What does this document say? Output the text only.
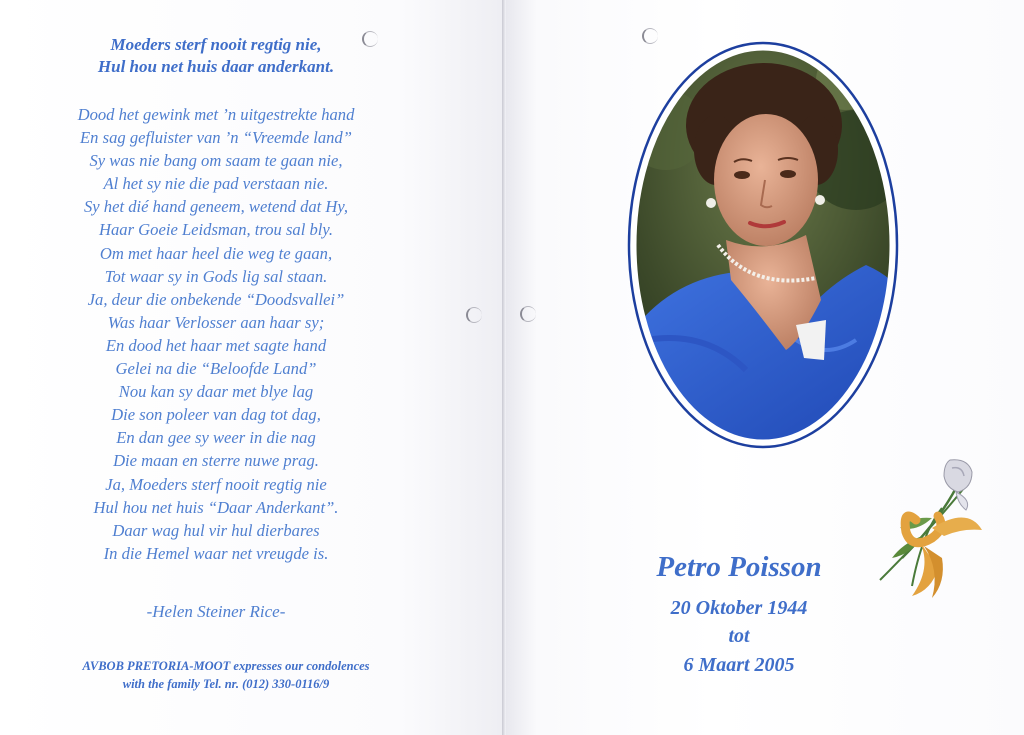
Moeders sterf nooit regtig nie,
Hul hou net huis daar anderkant.
Dood het gewink met ’n uitgestrekte hand
En sag gefluister van ’n “Vreemde land”
Sy was nie bang om saam te gaan nie,
Al het sy nie die pad verstaan nie.
Sy het dié hand geneem, wetend dat Hy,
Haar Goeie Leidsman, trou sal bly.
Om met haar heel die weg te gaan,
Tot waar sy in Gods lig sal staan.
Ja, deur die onbekende “Doodsvallei”
Was haar Verlosser aan haar sy;
En dood het haar met sagte hand
Gelei na die “Beloofde Land”
Nou kan sy daar met blye lag
Die son poleer van dag tot dag,
En dan gee sy weer in die nag
Die maan en sterre nuwe prag.
Ja, Moeders sterf nooit regtig nie
Hul hou net huis “Daar Anderkant”.
Daar wag hul vir hul dierbares
In die Hemel waar net vreugde is.
-Helen Steiner Rice-
AVBOB PRETORIA-MOOT expresses our condolences
with the family Tel. nr. (012) 330-0116/9
Petro Poisson
20 Oktober 1944
tot
6 Maart 2005
